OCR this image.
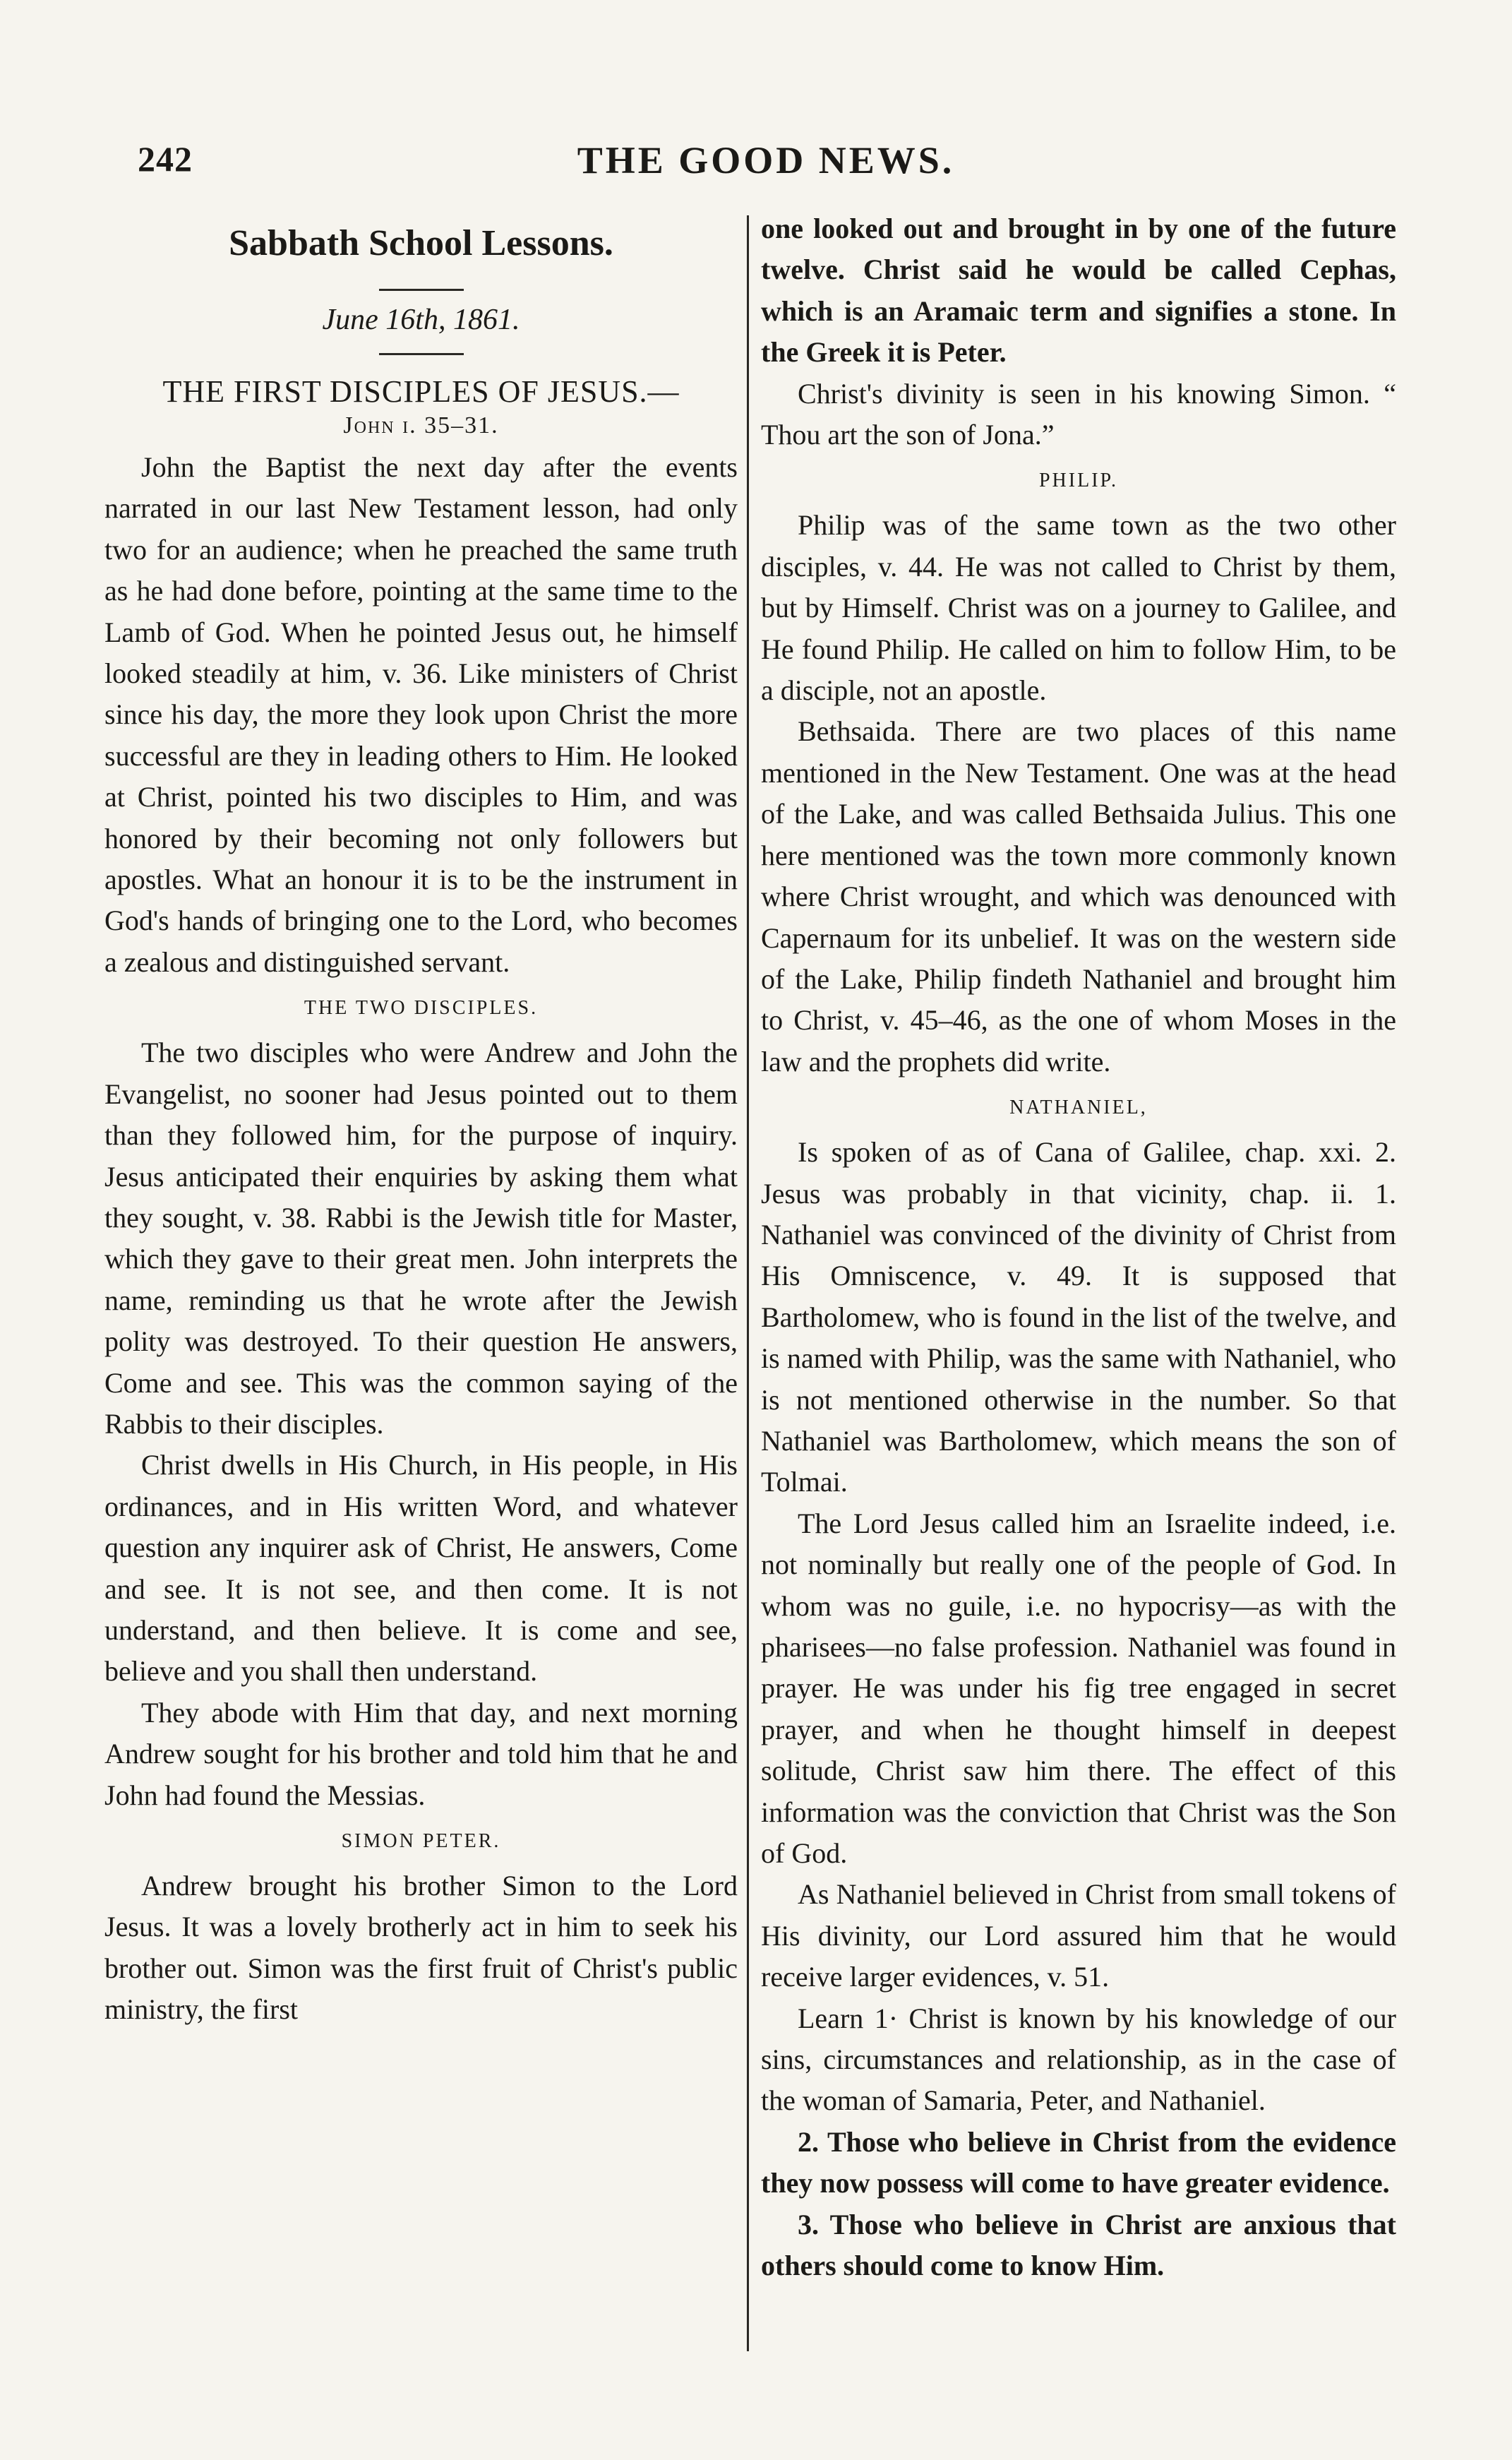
242	THE GOOD NEWS.
Sabbath School Lessons.
June 16th, 1861.
THE FIRST DISCIPLES OF JESUS.—
John i. 35–31.

John the Baptist the next day after the events narrated in our last New Testament lesson, had only two for an audience; when he preached the same truth as he had done before, pointing at the same time to the Lamb of God. When he pointed Jesus out, he himself looked steadily at him, v. 36. Like ministers of Christ since his day, the more they look upon Christ the more successful are they in leading others to Him. He looked at Christ, pointed his two disciples to Him, and was honored by their becoming not only followers but apostles. What an honour it is to be the instrument in God's hands of bringing one to the Lord, who becomes a zealous and distinguished servant.

THE TWO DISCIPLES.

The two disciples who were Andrew and John the Evangelist, no sooner had Jesus pointed out to them than they followed him, for the purpose of inquiry. Jesus anticipated their enquiries by asking them what they sought, v. 38. Rabbi is the Jewish title for Master, which they gave to their great men. John interprets the name, reminding us that he wrote after the Jewish polity was destroyed. To their question He answers, Come and see. This was the common saying of the Rabbis to their disciples.

Christ dwells in His Church, in His people, in His ordinances, and in His written Word, and whatever question any inquirer ask of Christ, He answers, Come and see. It is not see, and then come. It is not understand, and then believe. It is come and see, believe and you shall then understand.

They abode with Him that day, and next morning Andrew sought for his brother and told him that he and John had found the Messias.

SIMON PETER.

Andrew brought his brother Simon to the Lord Jesus. It was a lovely brotherly act in him to seek his brother out. Simon was the first fruit of Christ's public ministry, the first

one looked out and brought in by one of the future twelve. Christ said he would be called Cephas, which is an Aramaic term and signifies a stone. In the Greek it is Peter.

Christ's divinity is seen in his knowing Simon. “ Thou art the son of Jona.”

PHILIP.

Philip was of the same town as the two other disciples, v. 44. He was not called to Christ by them, but by Himself. Christ was on a journey to Galilee, and He found Philip. He called on him to follow Him, to be a disciple, not an apostle.

Bethsaida. There are two places of this name mentioned in the New Testament. One was at the head of the Lake, and was called Bethsaida Julius. This one here mentioned was the town more commonly known where Christ wrought, and which was denounced with Capernaum for its unbelief. It was on the western side of the Lake, Philip findeth Nathaniel and brought him to Christ, v. 45–46, as the one of whom Moses in the law and the prophets did write.

NATHANIEL,

Is spoken of as of Cana of Galilee, chap. xxi. 2. Jesus was probably in that vicinity, chap. ii. 1. Nathaniel was convinced of the divinity of Christ from His Omniscence, v. 49. It is supposed that Bartholomew, who is found in the list of the twelve, and is named with Philip, was the same with Nathaniel, who is not mentioned otherwise in the number. So that Nathaniel was Bartholomew, which means the son of Tolmai.

The Lord Jesus called him an Israelite indeed, i.e. not nominally but really one of the people of God. In whom was no guile, i.e. no hypocrisy—as with the pharisees—no false profession. Nathaniel was found in prayer. He was under his fig tree engaged in secret prayer, and when he thought himself in deepest solitude, Christ saw him there. The effect of this information was the conviction that Christ was the Son of God.

As Nathaniel believed in Christ from small tokens of His divinity, our Lord assured him that he would receive larger evidences, v. 51.

Learn 1· Christ is known by his knowledge of our sins, circumstances and relationship, as in the case of the woman of Samaria, Peter, and Nathaniel.

2. Those who believe in Christ from the evidence they now possess will come to have greater evidence.

3. Those who believe in Christ are anxious that others should come to know Him.
